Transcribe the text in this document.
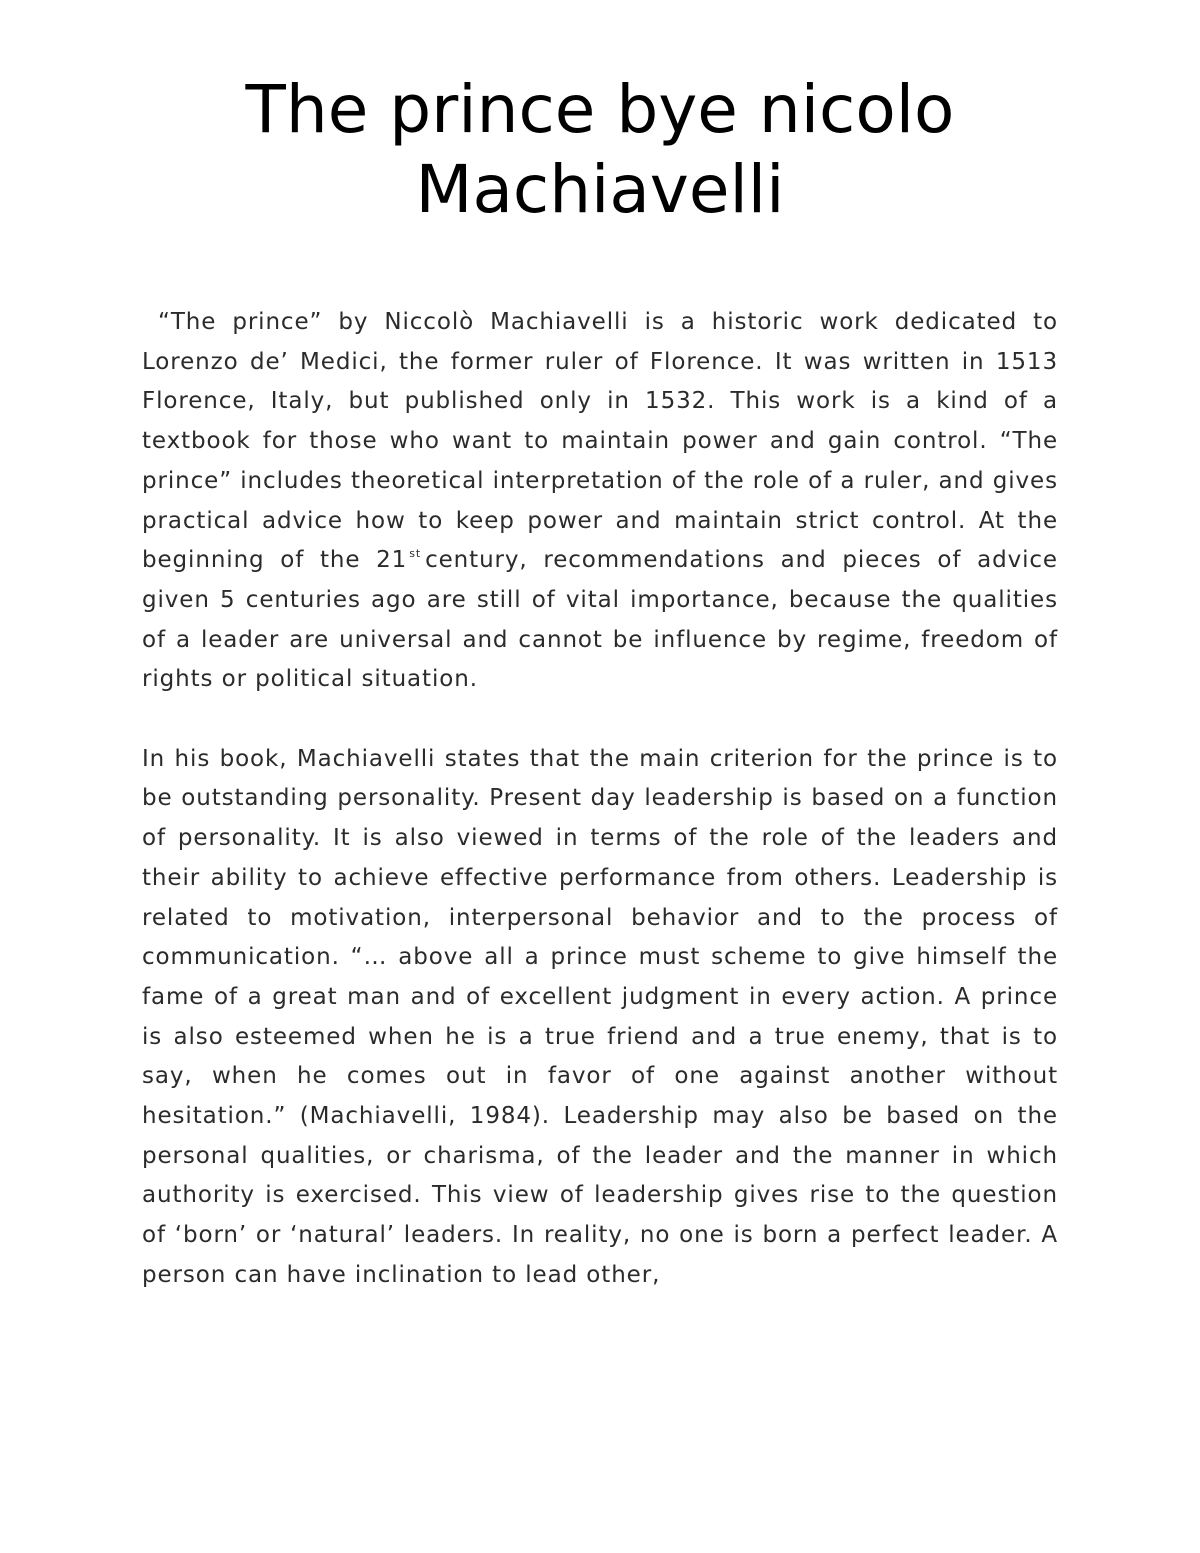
The prince bye nicolo
Machiavelli

“The prince” by Niccolò Machiavelli is a historic work dedicated to Lorenzo de’ Medici, the former ruler of Florence. It was written in 1513 Florence, Italy, but published only in 1532. This work is a kind of a textbook for those who want to maintain power and gain control. “The prince” includes theoretical interpretation of the role of a ruler, and gives practical advice how to keep power and maintain strict control. At the beginning of the 21 $^{st}$ century, recommendations and pieces of advice given 5 centuries ago are still of vital importance, because the qualities of a leader are universal and cannot be influence by regime, freedom of rights or political situation.

In his book, Machiavelli states that the main criterion for the prince is to be outstanding personality. Present day leadership is based on a function of personality. It is also viewed in terms of the role of the leaders and their ability to achieve effective performance from others. Leadership is related to motivation, interpersonal behavior and to the process of communication. “… above all a prince must scheme to give himself the fame of a great man and of excellent judgment in every action. A prince is also esteemed when he is a true friend and a true enemy, that is to say, when he comes out in favor of one against another without hesitation.” (Machiavelli, 1984). Leadership may also be based on the personal qualities, or charisma, of the leader and the manner in which authority is exercised. This view of leadership gives rise to the question of ‘born’ or ‘natural’ leaders. In reality, no one is born a perfect leader. A person can have inclination to lead other,
